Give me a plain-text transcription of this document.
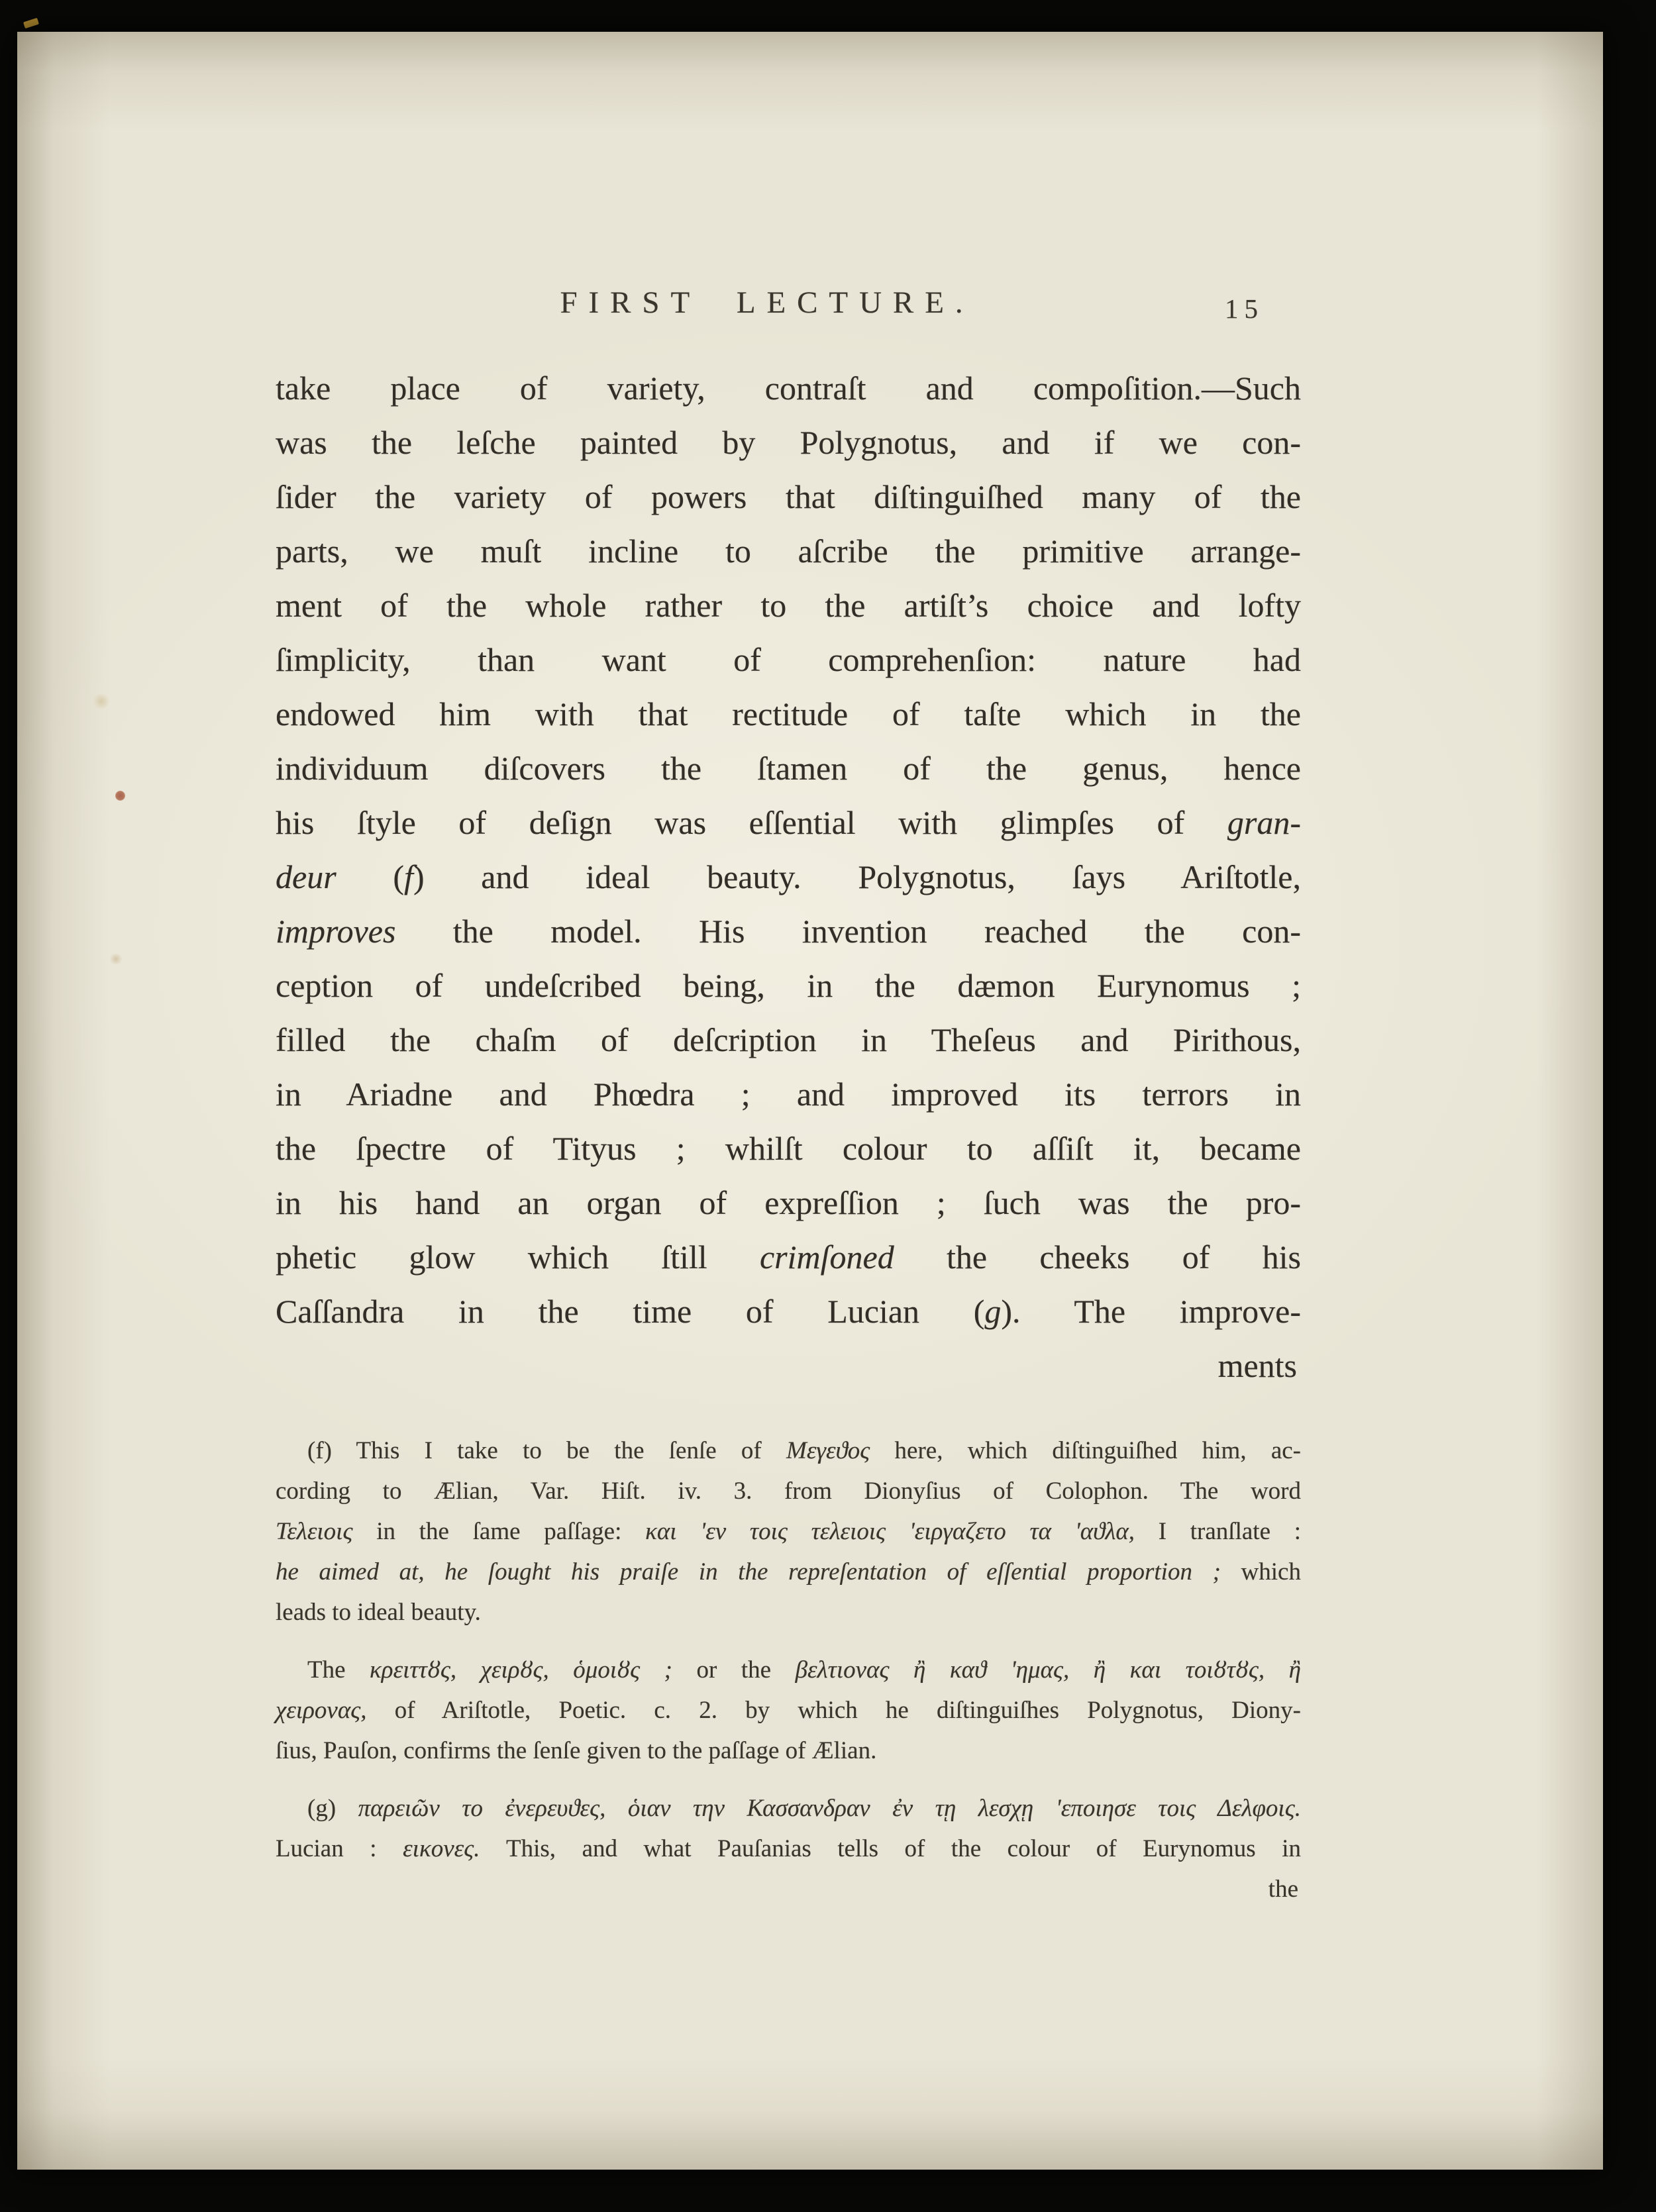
FIRST LECTURE.	15
take place of variety, contraſt and compoſition.—Such
was the leſche painted by Polygnotus, and if we con-
ſider the variety of powers that diſtinguiſhed many of the
parts, we muſt incline to aſcribe the primitive arrange-
ment of the whole rather to the artiſt’s choice and lofty
ſimplicity, than want of comprehenſion: nature had
endowed him with that rectitude of taſte which in the
individuum diſcovers the ſtamen of the genus, hence
his ſtyle of deſign was eſſential with glimpſes of gran-
deur (f) and ideal beauty. Polygnotus, ſays Ariſtotle,
improves the model. His invention reached the con-
ception of undeſcribed being, in the dæmon Eurynomus ;
filled the chaſm of deſcription in Theſeus and Pirithous,
in Ariadne and Phœdra ; and improved its terrors in
the ſpectre of Tityus ; whilſt colour to aſſiſt it, became
in his hand an organ of expreſſion ; ſuch was the pro-
phetic glow which ſtill crimſoned the cheeks of his
Caſſandra in the time of Lucian (g). The improve-
ments
(f) This I take to be the ſenſe of Μεγεϑος here, which diſtinguiſhed him, ac-
cording to Ælian, Var. Hiſt. iv. 3. from Dionyſius of Colophon. The word
Τελειοις in the ſame paſſage: και 'εν τοις τελειοις 'ειργαζετο τα 'αϑλα, I tranſlate :
he aimed at, he ſought his praiſe in the repreſentation of eſſential proportion ; which
leads to ideal beauty.
The κρειττȣς, χειρȣς, ὁμοιȣς ; or the βελτιονας ἢ καϑ 'ημας, ἢ και τοιȣτȣς, ἢ
χειρονας, of Ariſtotle, Poetic. c. 2. by which he diſtinguiſhes Polygnotus, Diony-
ſius, Pauſon, confirms the ſenſe given to the paſſage of Ælian.
(g) παρειῶν το ἐνερευϑες, ὁιαν την Κασσανδραν ἐν τῃ λεσχῃ 'εποιησε τοις Δελφοις.
Lucian : εικονες. This, and what Pauſanias tells of the colour of Eurynomus in
the
